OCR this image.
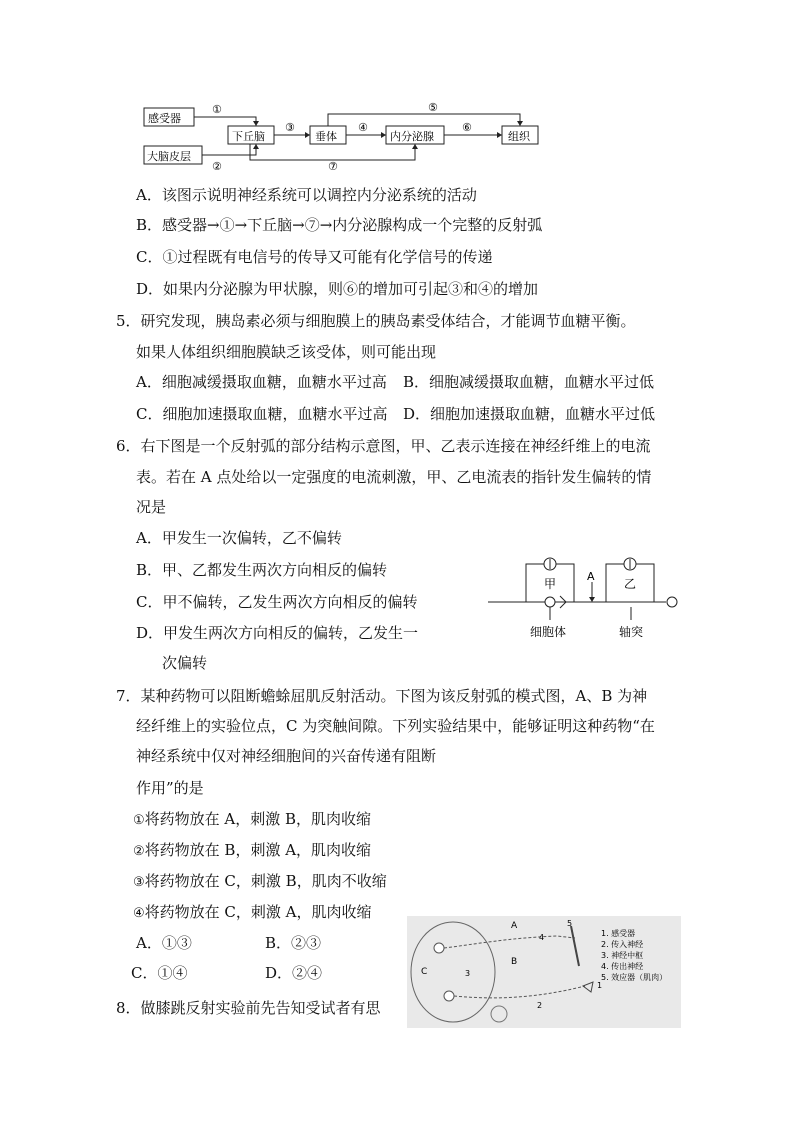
感受器
大脑皮层
下丘脑	垂体	内分泌腺	组织
①
②
③	④
⑤
⑥
⑦
A．该图示说明神经系统可以调控内分泌系统的活动
B．感受器→①→下丘脑→⑦→内分泌腺构成一个完整的反射弧
C．①过程既有电信号的传导又可能有化学信号的传递
D．如果内分泌腺为甲状腺，则⑥的增加可引起③和④的增加
5．研究发现，胰岛素必须与细胞膜上的胰岛素受体结合，才能调节血糖平衡。
如果人体组织细胞膜缺乏该受体，则可能出现
A．细胞减缓摄取血糖，血糖水平过高 B．细胞减缓摄取血糖，血糖水平过低
C．细胞加速摄取血糖，血糖水平过高 D．细胞加速摄取血糖，血糖水平过低
6．右下图是一个反射弧的部分结构示意图，甲、乙表示连接在神经纤维上的电流
表。若在 A 点处给以一定强度的电流刺激，甲、乙电流表的指针发生偏转的情
况是
A．甲发生一次偏转，乙不偏转
B．甲、乙都发生两次方向相反的偏转
C．甲不偏转，乙发生两次方向相反的偏转
D．甲发生两次方向相反的偏转，乙发生一
次偏转
甲	乙
A
细胞体	轴突
7．某种药物可以阻断蟾蜍屈肌反射活动。下图为该反射弧的模式图，A、B 为神
经纤维上的实验位点，C 为突触间隙。下列实验结果中，能够证明这种药物“在
神经系统中仅对神经细胞间的兴奋传递有阻断
作用”的是
①将药物放在 A，刺激 B，肌肉收缩
②将药物放在 B，刺激 A，肌肉收缩
③将药物放在 C，刺激 B，肌肉不收缩
④将药物放在 C，刺激 A，肌肉收缩
A．①③	B．②③
C．①④	D．②④
A
B
C
4
5
1
2
3
1. 感受器
2. 传入神经
3. 神经中枢
4. 传出神经
5. 效应器（肌肉）
8．做膝跳反射实验前先告知受试者有思
